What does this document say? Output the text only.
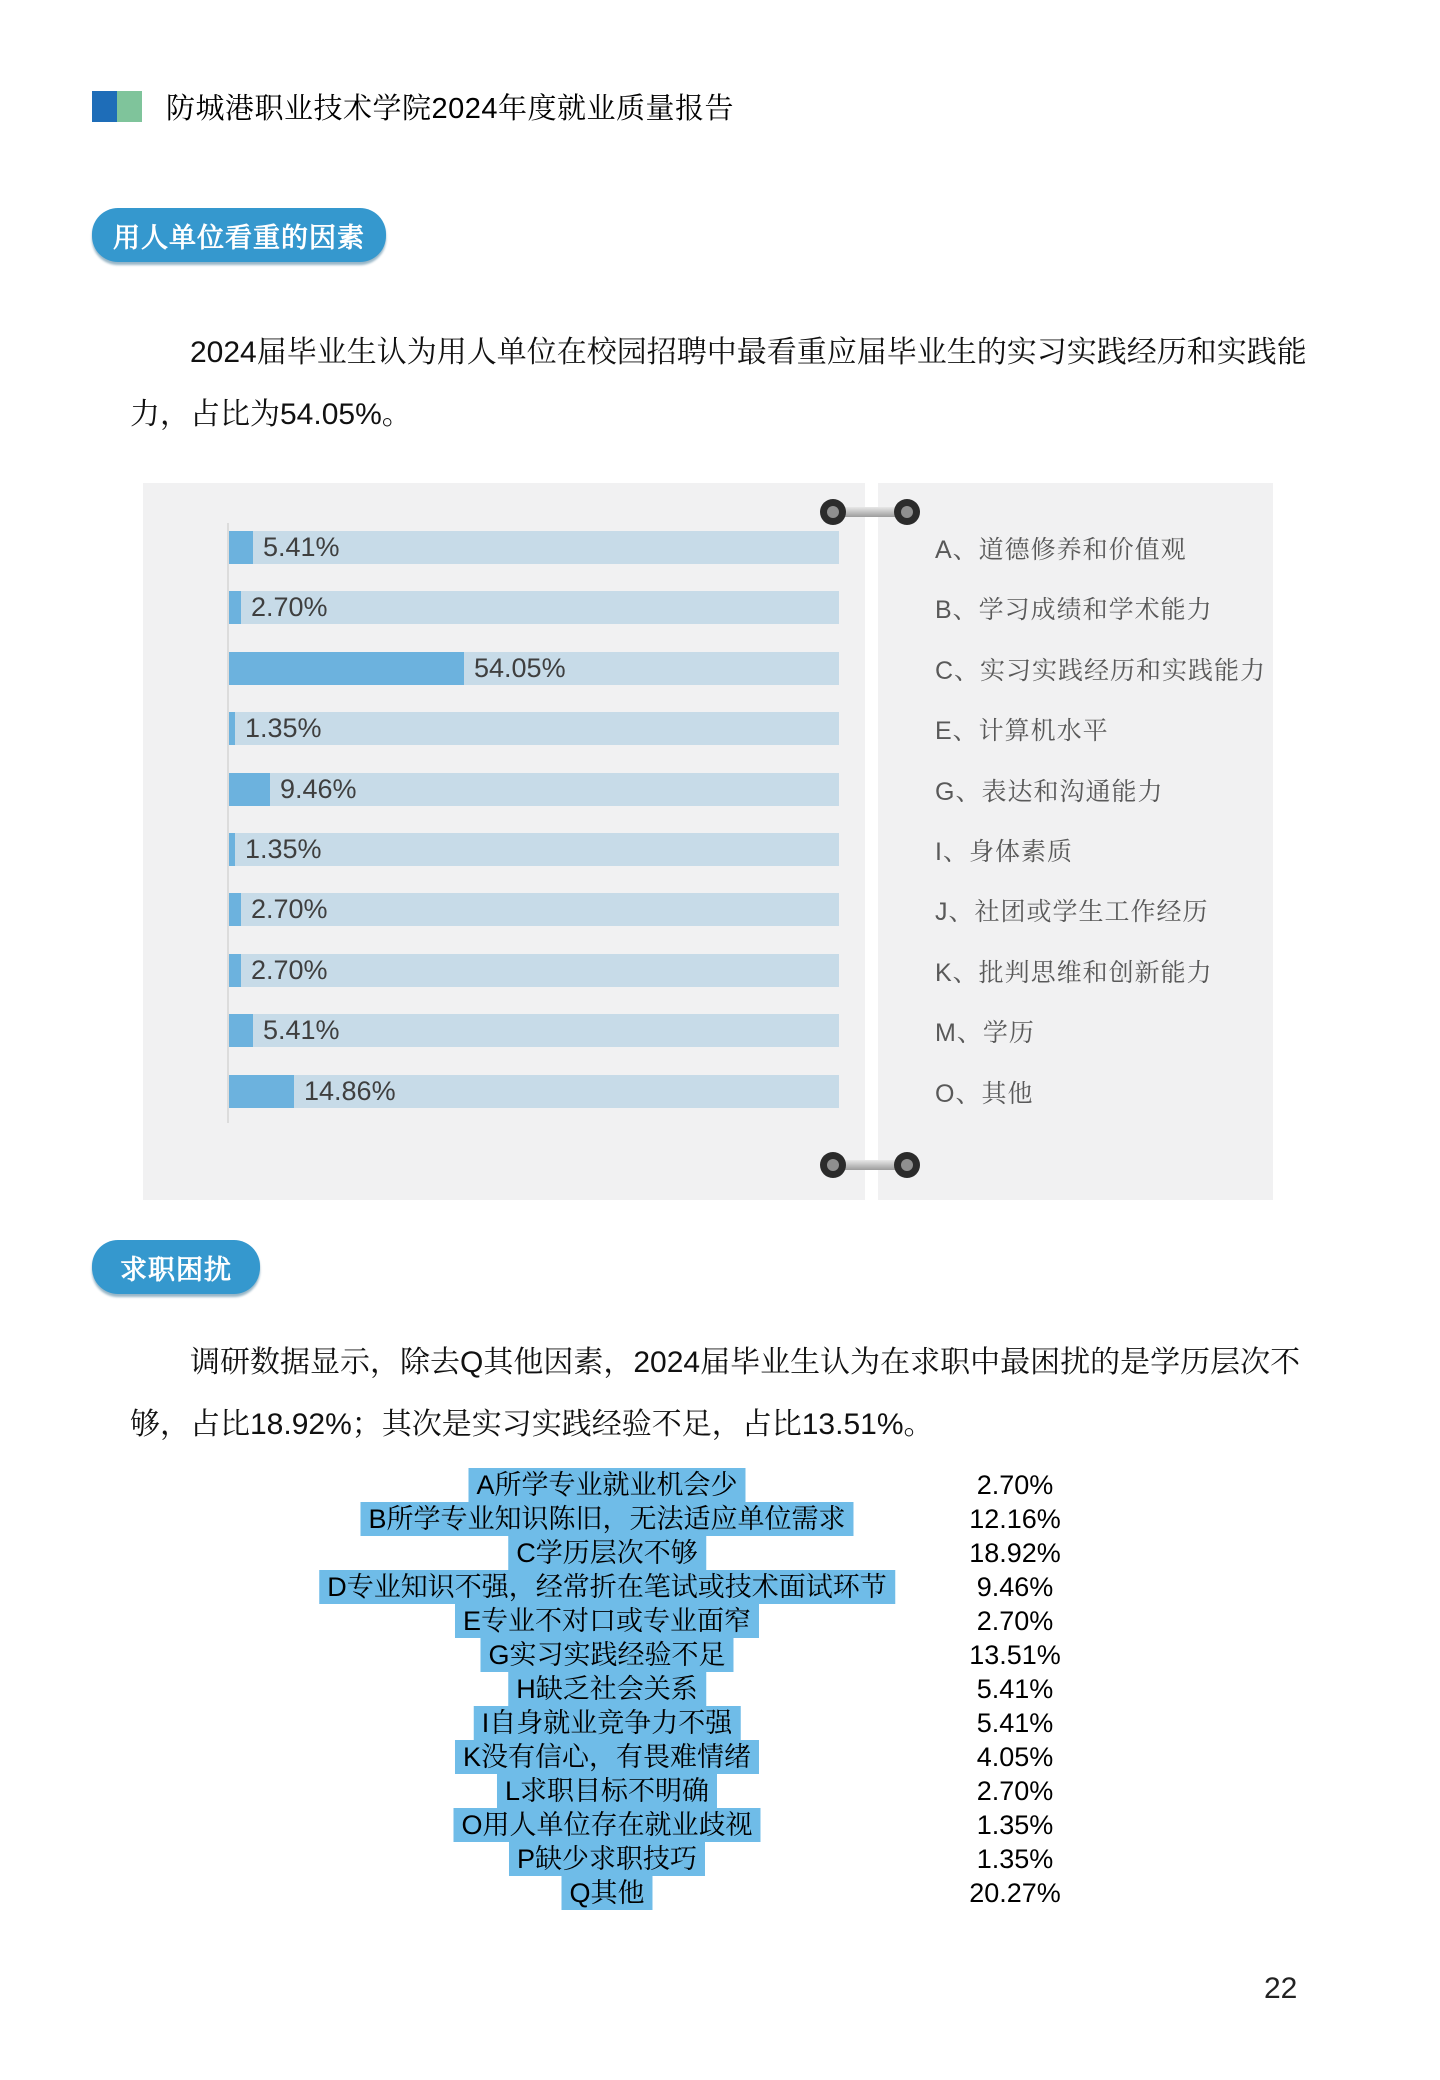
防城港职业技术学院2024年度就业质量报告
用人单位看重的因素
2024届毕业生认为用人单位在校园招聘中最看重应届毕业生的实习实践经历和实践能力，占比为54.05%。
5.41%
2.70%
54.05%
1.35%
9.46%
1.35%
2.70%
2.70%
5.41%
14.86%
A、道德修养和价值观
B、学习成绩和学术能力
C、实习实践经历和实践能力
E、计算机水平
G、表达和沟通能力
I、身体素质
J、社团或学生工作经历
K、批判思维和创新能力
M、学历
O、其他
求职困扰
调研数据显示，除去Q其他因素，2024届毕业生认为在求职中最困扰的是学历层次不够，占比18.92%；其次是实习实践经验不足，占比13.51%。
A所学专业就业机会少	2.70%
B所学专业知识陈旧，无法适应单位需求	12.16%
C学历层次不够	18.92%
D专业知识不强，经常折在笔试或技术面试环节	9.46%
E专业不对口或专业面窄	2.70%
G实习实践经验不足	13.51%
H缺乏社会关系	5.41%
I自身就业竞争力不强	5.41%
K没有信心，有畏难情绪	4.05%
L求职目标不明确	2.70%
O用人单位存在就业歧视	1.35%
P缺少求职技巧	1.35%
Q其他	20.27%
22
